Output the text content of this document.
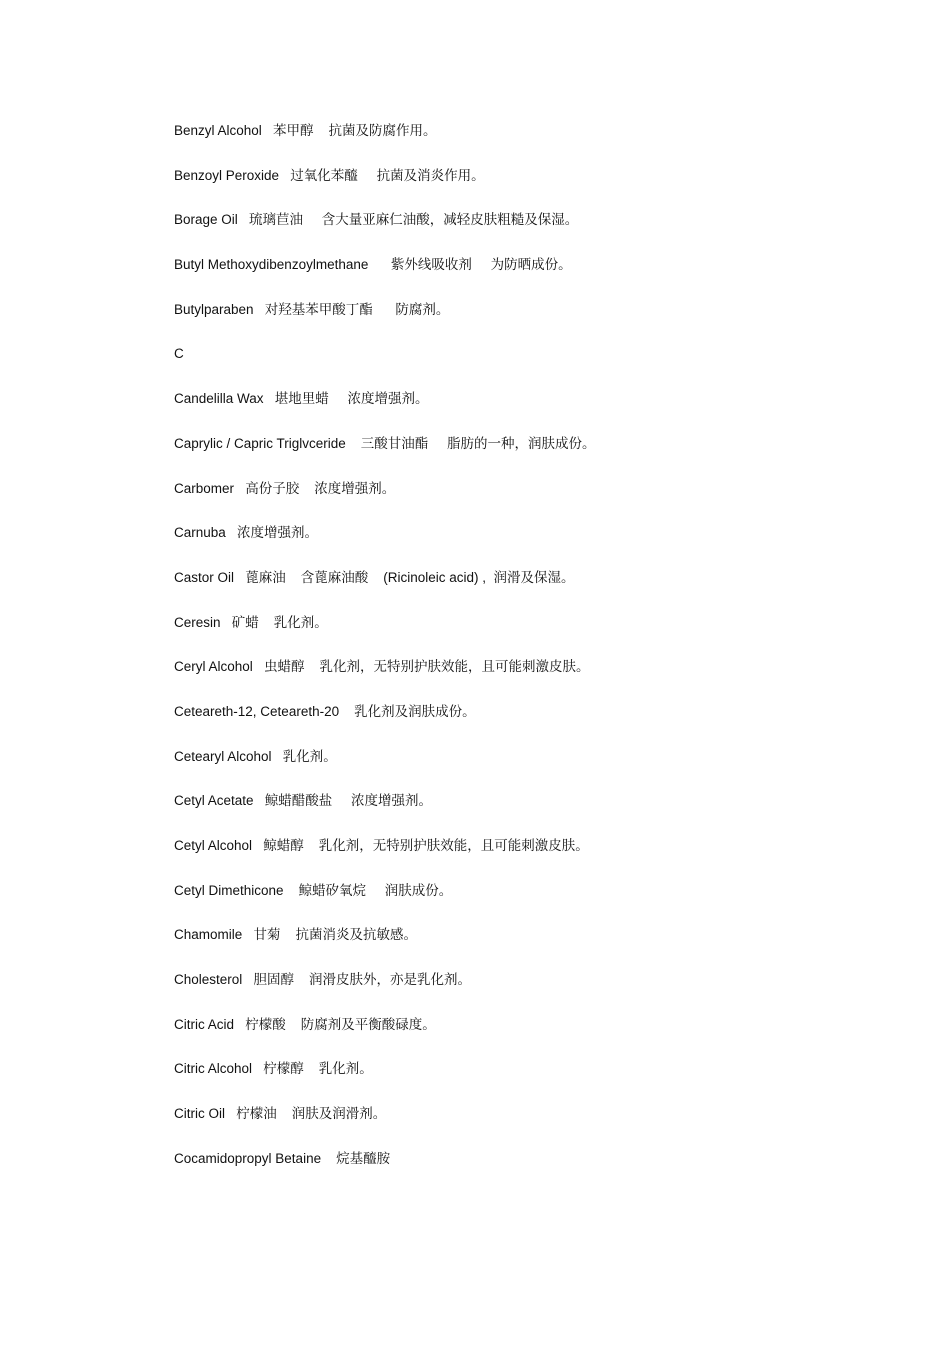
Benzyl Alcohol   苯甲醇    抗菌及防腐作用。
Benzoyl Peroxide   过氧化苯醯     抗菌及消炎作用。
Borage Oil   琉璃苣油     含大量亚麻仁油酸，减轻皮肤粗糙及保湿。
Butyl Methoxydibenzoylmethane      紫外线吸收剂     为防晒成份。
Butylparaben   对羟基苯甲酸丁酯      防腐剂。
C
Candelilla Wax   堪地里蜡     浓度增强剂。
Caprylic / Capric Triglvceride    三酸甘油酯     脂肪的一种，润肤成份。
Carbomer   高份子胶    浓度增强剂。
Carnuba   浓度增强剂。
Castor Oil   蓖麻油    含蓖麻油酸    (Ricinoleic acid) ,  润滑及保湿。
Ceresin   矿蜡    乳化剂。
Ceryl Alcohol   虫蜡醇    乳化剂，无特别护肤效能，且可能刺激皮肤。
Ceteareth-12, Ceteareth-20    乳化剂及润肤成份。
Cetearyl Alcohol   乳化剂。
Cetyl Acetate   鲸蜡醋酸盐     浓度增强剂。
Cetyl Alcohol   鲸蜡醇    乳化剂，无特别护肤效能，且可能刺激皮肤。
Cetyl Dimethicone    鲸蜡矽氧烷     润肤成份。
Chamomile   甘菊    抗菌消炎及抗敏感。
Cholesterol   胆固醇    润滑皮肤外，亦是乳化剂。
Citric Acid   柠檬酸    防腐剂及平衡酸碌度。
Citric Alcohol   柠檬醇    乳化剂。
Citric Oil   柠檬油    润肤及润滑剂。
Cocamidopropyl Betaine    烷基醯胺
